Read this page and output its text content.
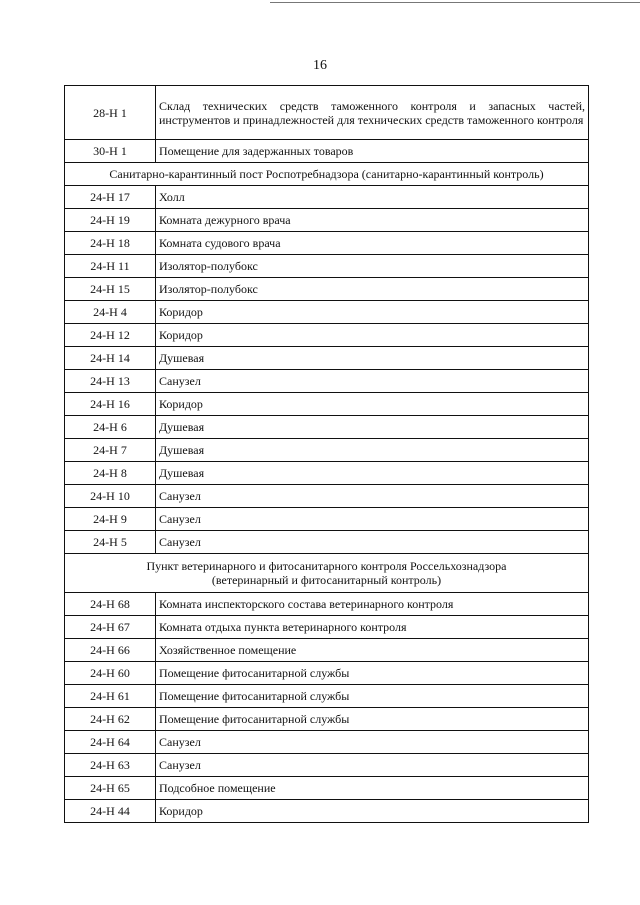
16
28-Н 1	Склад технических средств таможенного контроля и запасных частей, инструментов и принадлежностей для технических средств таможенного контроля
30-Н 1	Помещение для задержанных товаров

Санитарно-карантинный пост Роспотребнадзора (санитарно-карантинный контроль)	

24-Н 17	Холл
24-Н 19	Комната дежурного врача
24-Н 18	Комната судового врача
24-Н 11	Изолятор-полубокс
24-Н 15	Изолятор-полубокс
24-Н 4	Коридор
24-Н 12	Коридор
24-Н 14	Душевая
24-Н 13	Санузел
24-Н 16	Коридор
24-Н 6	Душевая
24-Н 7	Душевая
24-Н 8	Душевая
24-Н 10	Санузел
24-Н 9	Санузел
24-Н 5	Санузел

Пункт ветеринарного и фитосанитарного контроля Россельхознадзора
(ветеринарный и фитосанитарный контроль)	

24-Н 68	Комната инспекторского состава ветеринарного контроля
24-Н 67	Комната отдыха пункта ветеринарного контроля
24-Н 66	Хозяйственное помещение
24-Н 60	Помещение фитосанитарной службы
24-Н 61	Помещение фитосанитарной службы
24-Н 62	Помещение фитосанитарной службы
24-Н 64	Санузел
24-Н 63	Санузел
24-Н 65	Подсобное помещение
24-Н 44	Коридор
